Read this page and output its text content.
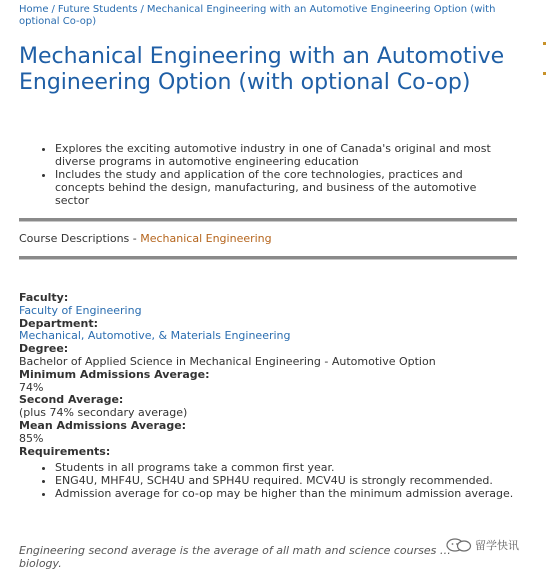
Home / Future Students / Mechanical Engineering with an Automotive Engineering Option (with optional Co-op)
Mechanical Engineering with an Automotive Engineering Option (with optional Co-op)
• Explores the exciting automotive industry in one of Canada's original and most diverse programs in automotive engineering education
• Includes the study and application of the core technologies, practices and concepts behind the design, manufacturing, and business of the automotive sector
Course Descriptions - Mechanical Engineering
Faculty:
Faculty of Engineering
Department:
Mechanical, Automotive, & Materials Engineering
Degree:
Bachelor of Applied Science in Mechanical Engineering - Automotive Option
Minimum Admissions Average:
74%
Second Average:
(plus 74% secondary average)
Mean Admissions Average:
85%
Requirements:
• Students in all programs take a common first year.
• ENG4U, MHF4U, SCH4U and SPH4U required. MCV4U is strongly recommended.
• Admission average for co-op may be higher than the minimum admission average.
Engineering second average is the average of all math and science courses … biology.
留学快讯
